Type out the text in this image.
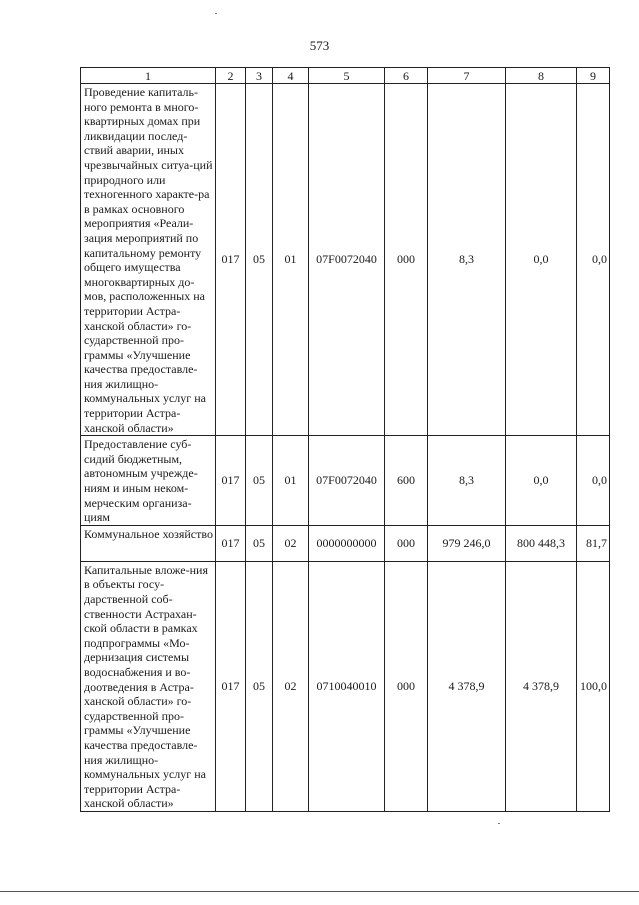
573
1	2	3	4	5	6	7	8	9
Проведение капиталь-ного ремонта в много-квартирных домах при ликвидации послед-ствий аварии, иных чрезвычайных ситуа-ций природного или техногенного характе-ра в рамках основного мероприятия «Реали-зация мероприятий по капитальному ремонту общего имущества многоквартирных до-мов, расположенных на территории Астра-ханской области» го-сударственной про-граммы «Улучшение качества предоставле-ния жилищно-коммунальных услуг на территории Астра-ханской области»	017	05	01	07F0072040	000	8,3	0,0	0,0
Предоставление суб-сидий бюджетным, автономным учрежде-ниям и иным неком-мерческим организа-циям	017	05	01	07F0072040	600	8,3	0,0	0,0
Коммунальное хозяйство	017	05	02	0000000000	000	979 246,0	800 448,3	81,7
Капитальные вложе-ния в объекты госу-дарственной соб-ственности Астрахан-ской области в рамках подпрограммы «Мо-дернизация системы водоснабжения и во-доотведения в Астра-ханской области» го-сударственной про-граммы «Улучшение качества предоставле-ния жилищно-коммунальных услуг на территории Астра-ханской области»	017	05	02	0710040010	000	4 378,9	4 378,9	100,0
